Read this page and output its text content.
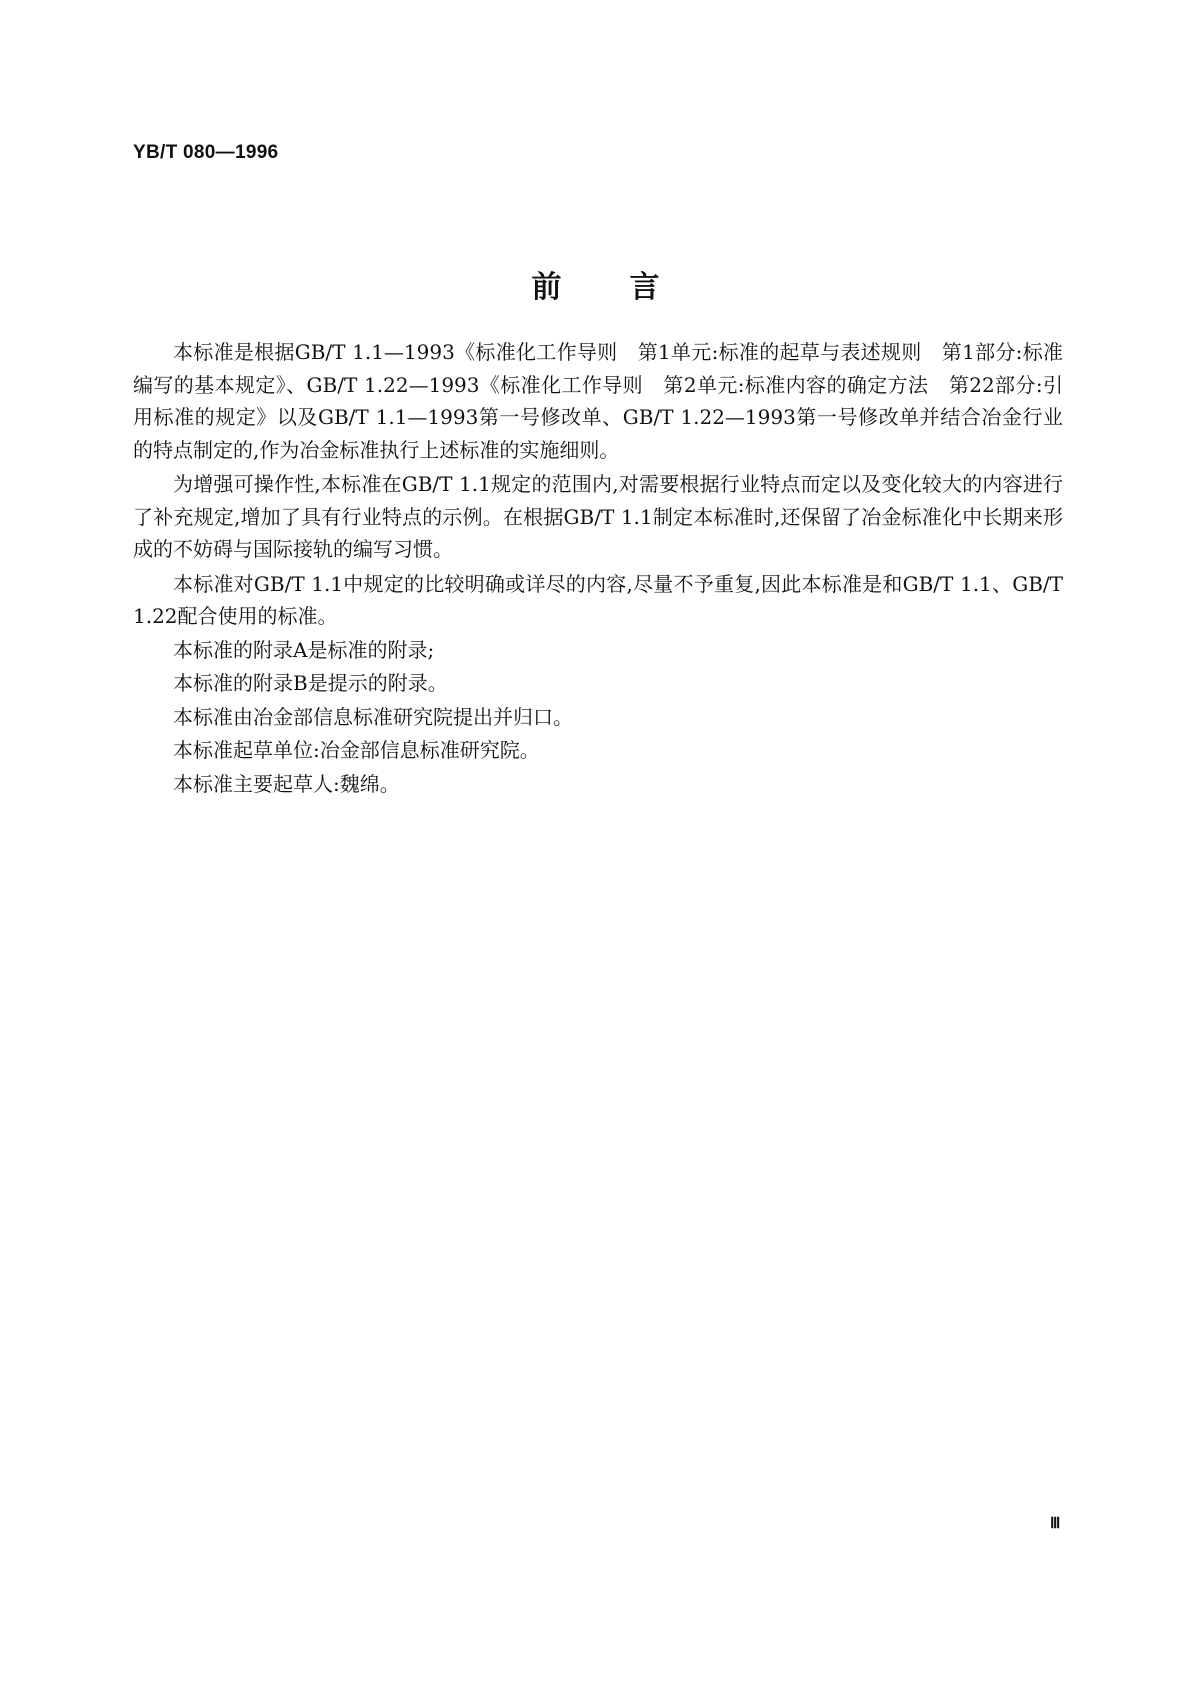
YB/T 080—1996
前言

本标准是根据GB/T 1.1—1993《标准化工作导则　第1单元:标准的起草与表述规则　第1部分:标准编写的基本规定》、GB/T 1.22—1993《标准化工作导则　第2单元:标准内容的确定方法　第22部分:引用标准的规定》以及GB/T 1.1—1993第一号修改单、GB/T 1.22—1993第一号修改单并结合冶金行业的特点制定的,作为冶金标准执行上述标准的实施细则。

为增强可操作性,本标准在GB/T 1.1规定的范围内,对需要根据行业特点而定以及变化较大的内容进行了补充规定,增加了具有行业特点的示例。在根据GB/T 1.1制定本标准时,还保留了冶金标准化中长期来形成的不妨碍与国际接轨的编写习惯。

本标准对GB/T 1.1中规定的比较明确或详尽的内容,尽量不予重复,因此本标准是和GB/T 1.1、GB/T 1.22配合使用的标准。

本标准的附录A是标准的附录;

本标准的附录B是提示的附录。

本标准由冶金部信息标准研究院提出并归口。

本标准起草单位:冶金部信息标准研究院。

本标准主要起草人:魏绵。

Ⅲ
